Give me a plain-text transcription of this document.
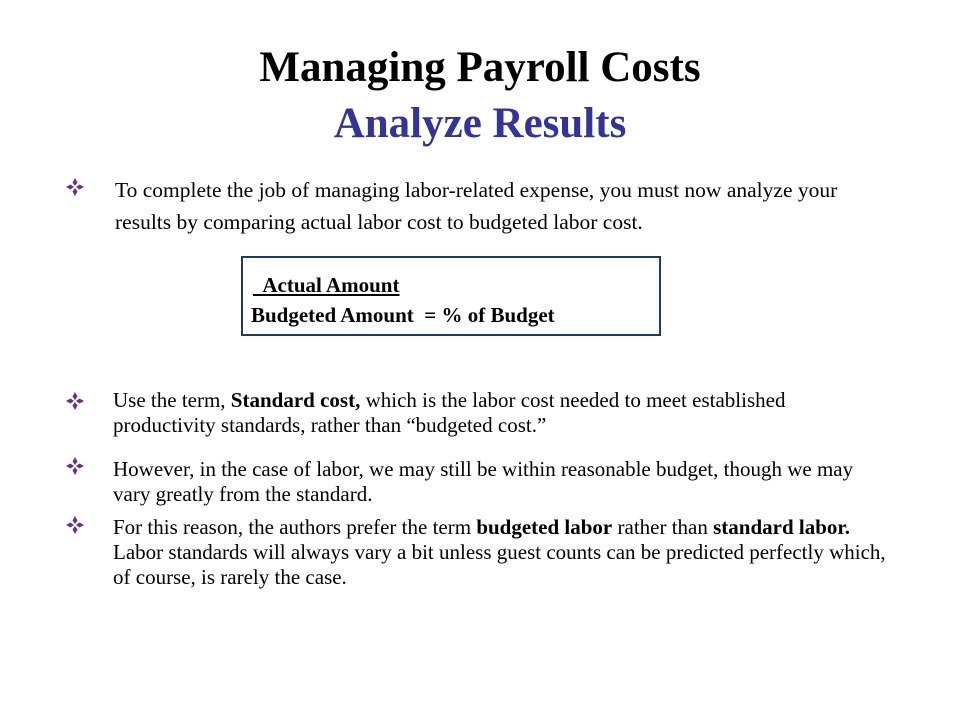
Managing Payroll Costs
Analyze Results
To complete the job of managing labor-related expense, you must now analyze your results by comparing actual labor cost to budgeted labor cost.
Actual Amount
Budgeted Amount = % of Budget
Use the term, Standard cost, which is the labor cost needed to meet established productivity standards, rather than “budgeted cost.”
However, in the case of labor, we may still be within reasonable budget, though we may vary greatly from the standard.
For this reason, the authors prefer the term budgeted labor rather than standard labor. Labor standards will always vary a bit unless guest counts can be predicted perfectly which, of course, is rarely the case.
